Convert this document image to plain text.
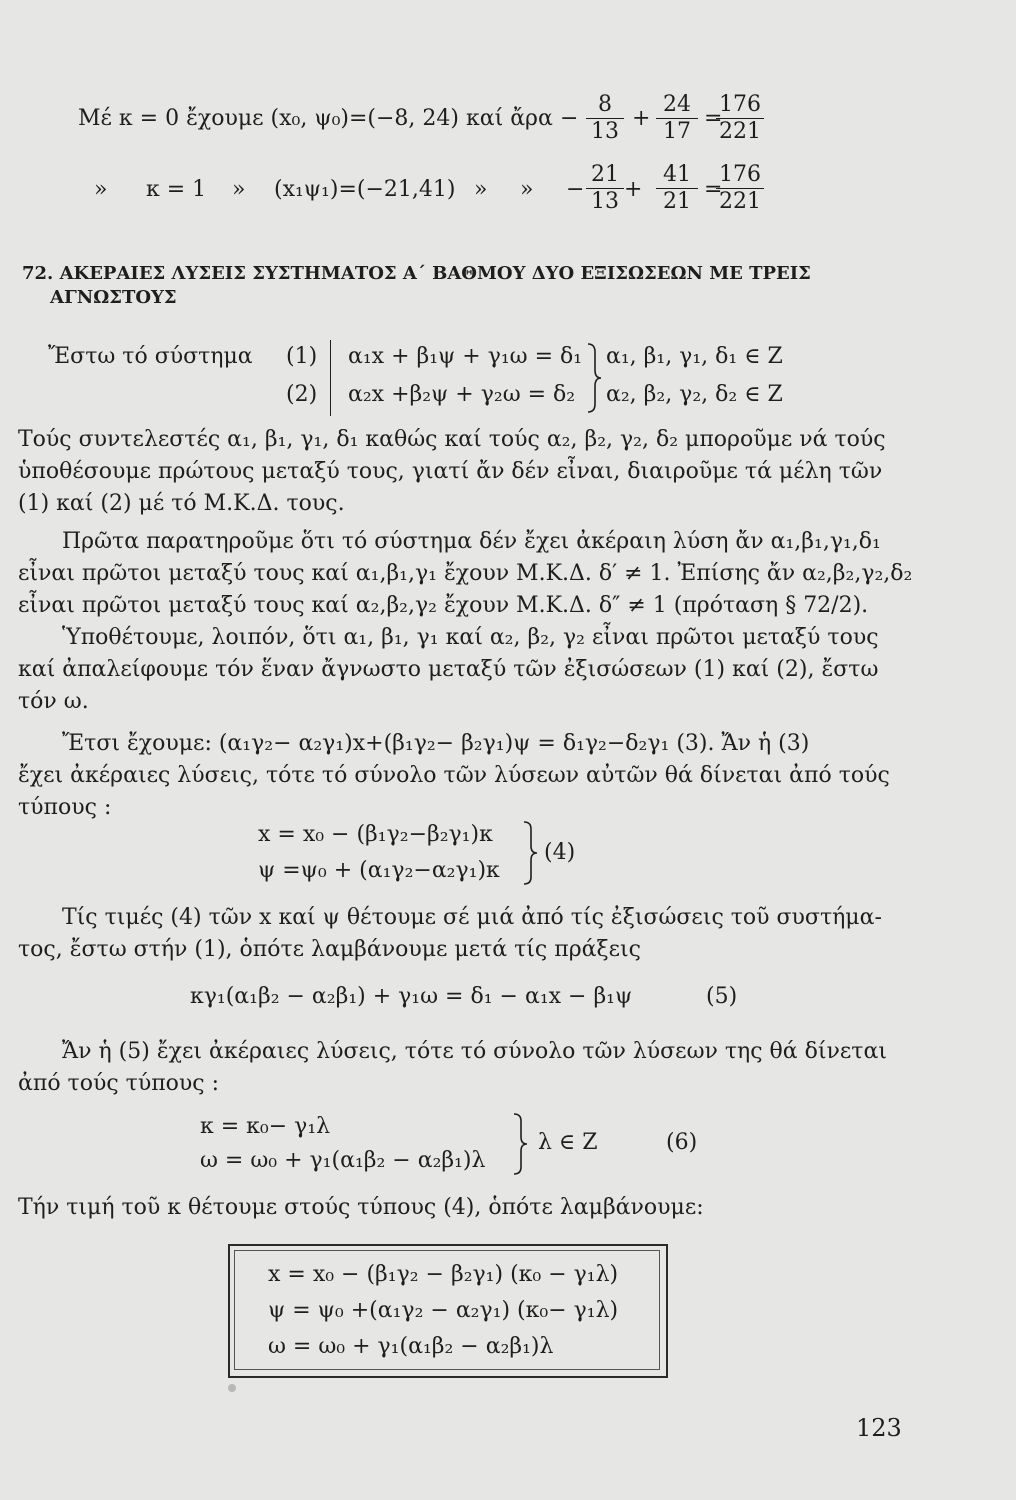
Μέ κ = 0 ἔχουμε (x₀, ψ₀)=(−8, 24) καί ἄρα − $\frac{8}{13} + \frac{24}{17}$ =
$\frac{176}{221}$
» κ = 1 » (x₁ψ₁)=(−21,41) » » − $\frac{21}{13} + \frac{41}{21}$ =
$\frac{176}{221}$
72. ΑΚΕΡΑΙΕΣ ΛΥΣΕΙΣ ΣΥΣΤΗΜΑΤΟΣ Α΄ ΒΑΘΜΟΥ ΔΥΟ ΕΞΙΣΩΣΕΩΝ ΜΕ ΤΡΕΙΣ
ΑΓΝΩΣΤΟΥΣ
Ἔστω τό σύστημα (1)
(2)
α₁x + β₁ψ + γ₁ω = δ₁
α₂x +β₂ψ + γ₂ω = δ₂
α₁, β₁, γ₁, δ₁ ∈ Z
α₂, β₂, γ₂, δ₂ ∈ Z
Τούς συντελεστές α₁, β₁, γ₁, δ₁ καθώς καί τούς α₂, β₂, γ₂, δ₂ μποροῦμε νά τούς
ὑποθέσουμε πρώτους μεταξύ τους, γιατί ἄν δέν εἶναι, διαιροῦμε τά μέλη τῶν
(1) καί (2) μέ τό Μ.Κ.Δ. τους.
Πρῶτα παρατηροῦμε ὅτι τό σύστημα δέν ἔχει ἀκέραιη λύση ἄν α₁,β₁,γ₁,δ₁
εἶναι πρῶτοι μεταξύ τους καί α₁,β₁,γ₁ ἔχουν Μ.Κ.Δ. δ′ ≠ 1. Ἐπίσης ἄν α₂,β₂,γ₂,δ₂
εἶναι πρῶτοι μεταξύ τους καί α₂,β₂,γ₂ ἔχουν Μ.Κ.Δ. δ″ ≠ 1 (πρόταση § 72/2).
Ὑποθέτουμε, λοιπόν, ὅτι α₁, β₁, γ₁ καί α₂, β₂, γ₂ εἶναι πρῶτοι μεταξύ τους
καί ἀπαλείφουμε τόν ἕναν ἄγνωστο μεταξύ τῶν ἐξισώσεων (1) καί (2), ἔστω
τόν ω.
Ἔτσι ἔχουμε: (α₁γ₂− α₂γ₁)x+(β₁γ₂− β₂γ₁)ψ = δ₁γ₂−δ₂γ₁ (3). Ἄν ἡ (3)
ἔχει ἀκέραιες λύσεις, τότε τό σύνολο τῶν λύσεων αὐτῶν θά δίνεται ἀπό τούς
τύπους :
x = x₀ − (β₁γ₂−β₂γ₁)κ
ψ =ψ₀ + (α₁γ₂−α₂γ₁)κ
(4)
Τίς τιμές (4) τῶν x καί ψ θέτουμε σέ μιά ἀπό τίς ἐξισώσεις τοῦ συστήμα-
τος, ἔστω στήν (1), ὁπότε λαμβάνουμε μετά τίς πράξεις
κγ₁(α₁β₂ − α₂β₁) + γ₁ω = δ₁ − α₁x − β₁ψ	(5)
Ἄν ἡ (5) ἔχει ἀκέραιες λύσεις, τότε τό σύνολο τῶν λύσεων της θά δίνεται
ἀπό τούς τύπους :
κ = κ₀− γ₁λ
ω = ω₀ + γ₁(α₁β₂ − α₂β₁)λ
λ ∈ Z	(6)
Τήν τιμή τοῦ κ θέτουμε στούς τύπους (4), ὁπότε λαμβάνουμε:
x = x₀ − (β₁γ₂ − β₂γ₁) (κ₀ − γ₁λ)
ψ = ψ₀ +(α₁γ₂ − α₂γ₁) (κ₀− γ₁λ)
ω = ω₀ + γ₁(α₁β₂ − α₂β₁)λ
123
